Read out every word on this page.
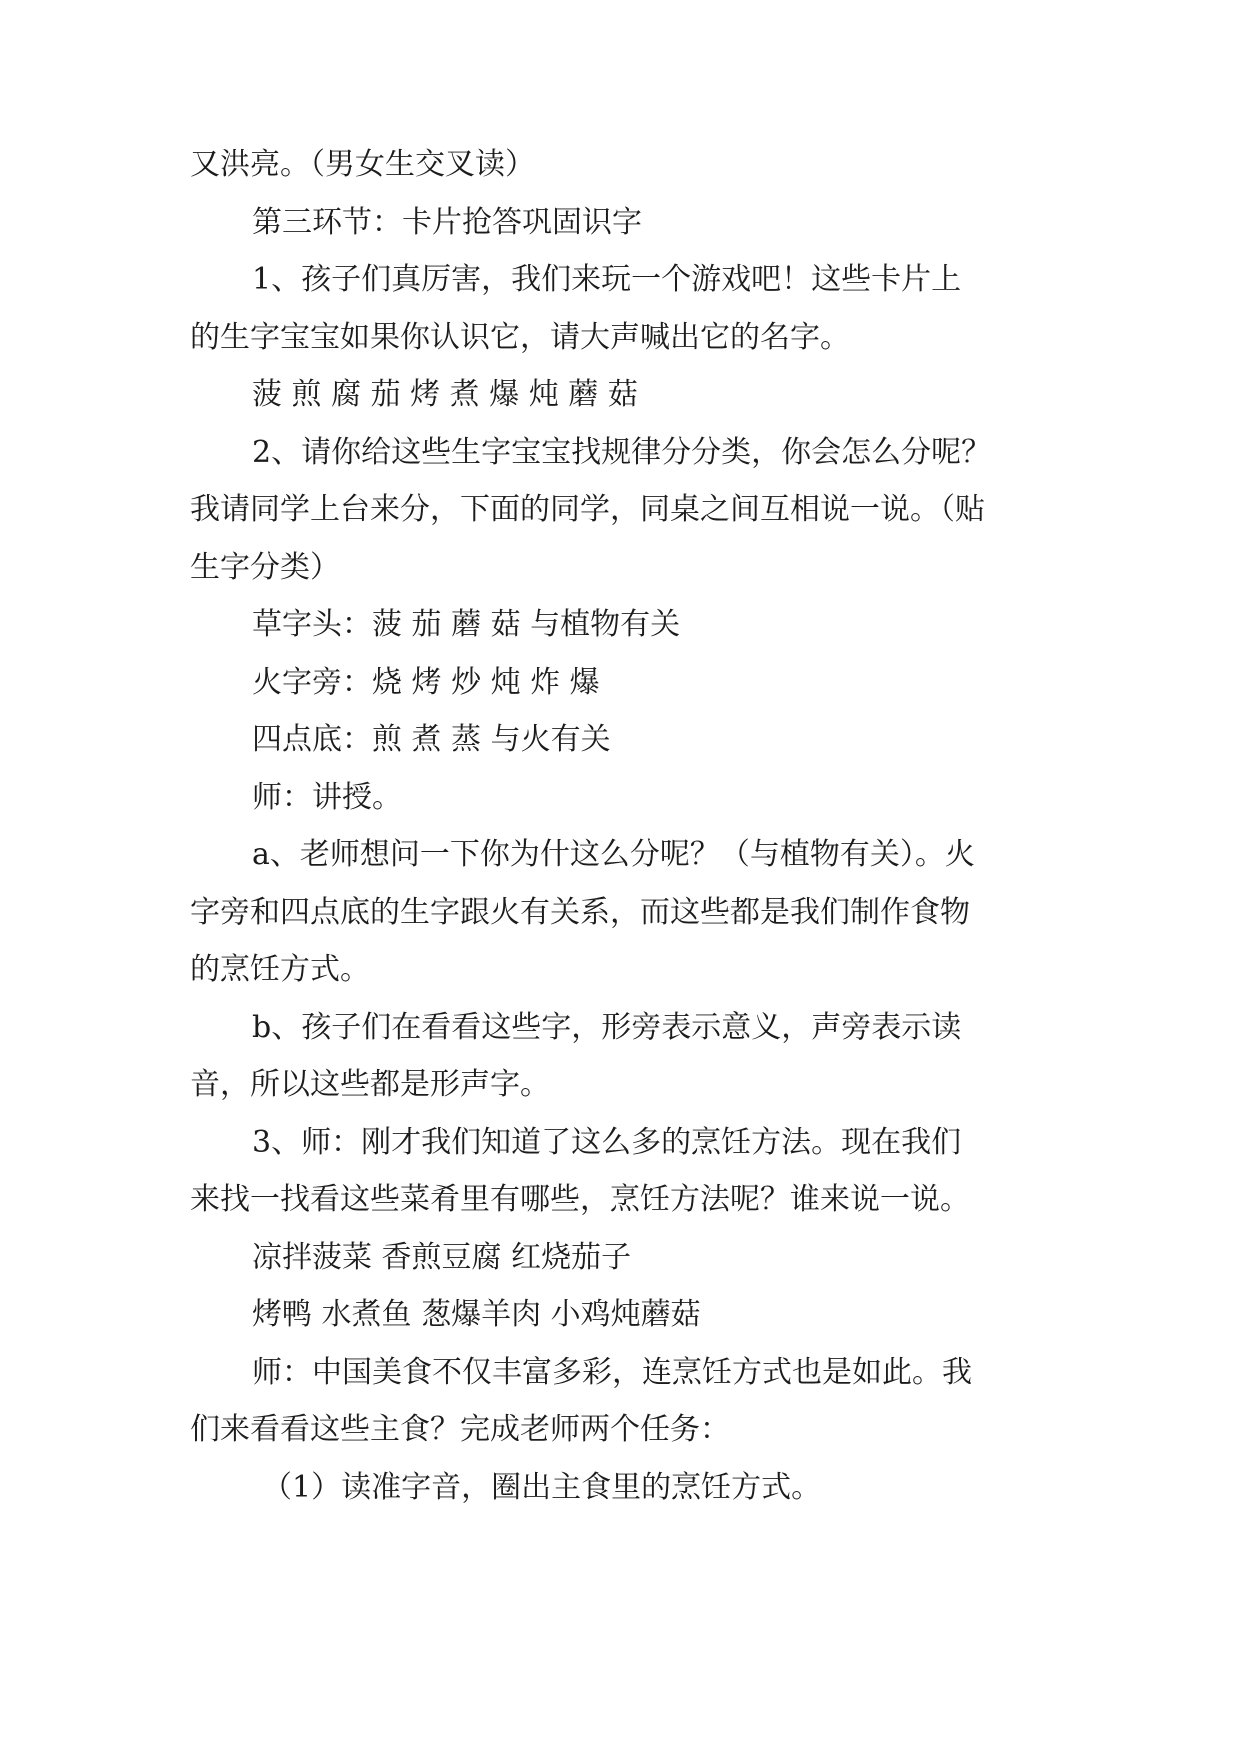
又洪亮。（男女生交叉读）

第三环节：卡片抢答巩固识字

1、孩子们真厉害，我们来玩一个游戏吧！这些卡片上

的生字宝宝如果你认识它，请大声喊出它的名字。

菠 煎 腐 茄 烤 煮 爆 炖 蘑 菇

2、请你给这些生字宝宝找规律分分类，你会怎么分呢？

我请同学上台来分，下面的同学，同桌之间互相说一说。（贴

生字分类）

草字头：菠 茄 蘑 菇 与植物有关

火字旁：烧 烤 炒 炖 炸 爆

四点底：煎 煮 蒸 与火有关

师：讲授。

a、老师想问一下你为什这么分呢？（与植物有关）。火

字旁和四点底的生字跟火有关系，而这些都是我们制作食物

的烹饪方式。

b、孩子们在看看这些字，形旁表示意义，声旁表示读

音，所以这些都是形声字。

3、师：刚才我们知道了这么多的烹饪方法。现在我们

来找一找看这些菜肴里有哪些，烹饪方法呢？谁来说一说。

凉拌菠菜 香煎豆腐 红烧茄子

烤鸭 水煮鱼 葱爆羊肉 小鸡炖蘑菇

师：中国美食不仅丰富多彩，连烹饪方式也是如此。我

们来看看这些主食？完成老师两个任务：

（1）读准字音，圈出主食里的烹饪方式。
